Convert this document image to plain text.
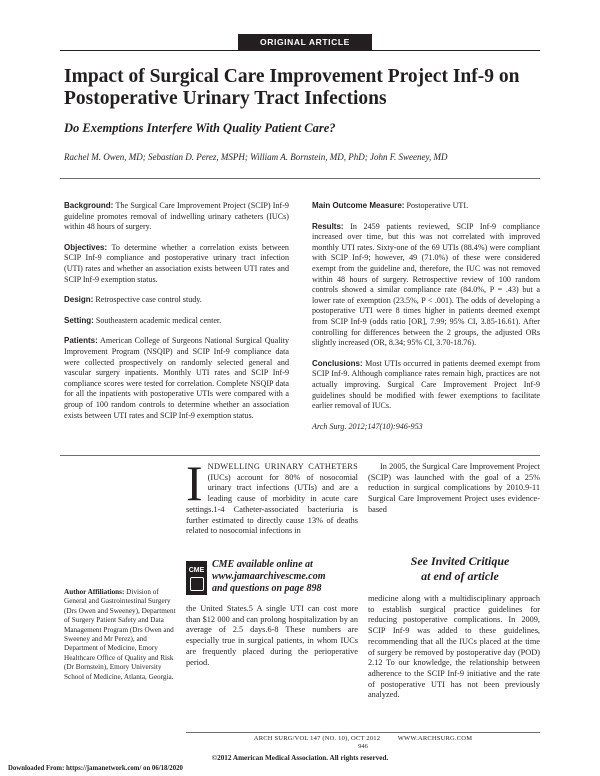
ORIGINAL ARTICLE
Impact of Surgical Care Improvement Project Inf-9 on Postoperative Urinary Tract Infections
Do Exemptions Interfere With Quality Patient Care?
Rachel M. Owen, MD; Sebastian D. Perez, MSPH; William A. Bornstein, MD, PhD; John F. Sweeney, MD

Background: The Surgical Care Improvement Project (SCIP) Inf-9 guideline promotes removal of indwelling urinary catheters (IUCs) within 48 hours of surgery.

Objectives: To determine whether a correlation exists between SCIP Inf-9 compliance and postoperative urinary tract infection (UTI) rates and whether an association exists between UTI rates and SCIP Inf-9 exemption status.

Design: Retrospective case control study.

Setting: Southeastern academic medical center.

Patients: American College of Surgeons National Surgical Quality Improvement Program (NSQIP) and SCIP Inf-9 compliance data were collected prospectively on randomly selected general and vascular surgery inpatients. Monthly UTI rates and SCIP Inf-9 compliance scores were tested for correlation. Complete NSQIP data for all the inpatients with postoperative UTIs were compared with a group of 100 random controls to determine whether an association exists between UTI rates and SCIP Inf-9 exemption status.

Main Outcome Measure: Postoperative UTI.

Results: In 2459 patients reviewed, SCIP Inf-9 compliance increased over time, but this was not correlated with improved monthly UTI rates. Sixty-one of the 69 UTIs (88.4%) were compliant with SCIP Inf-9; however, 49 (71.0%) of these were considered exempt from the guideline and, therefore, the IUC was not removed within 48 hours of surgery. Retrospective review of 100 random controls showed a similar compliance rate (84.0%, P = .43) but a lower rate of exemption (23.5%, P < .001). The odds of developing a postoperative UTI were 8 times higher in patients deemed exempt from SCIP Inf-9 (odds ratio [OR], 7.99; 95% CI, 3.85-16.61). After controlling for differences between the 2 groups, the adjusted ORs slightly increased (OR, 8.34; 95% CI, 3.70-18.76).

Conclusions: Most UTIs occurred in patients deemed exempt from SCIP Inf-9. Although compliance rates remain high, practices are not actually improving. Surgical Care Improvement Project Inf-9 guidelines should be modified with fewer exemptions to facilitate earlier removal of IUCs.

Arch Surg. 2012;147(10):946-953

INDWELLING URINARY CATHETERS (IUCs) account for 80% of nosocomial urinary tract infections (UTIs) and are a leading cause of morbidity in acute care settings.1-4 Catheter-associated bacteriuria is further estimated to directly cause 13% of deaths related to nosocomial infections in

CME
CME available online at
www.jamaarchivescme.com
and questions on page 898

the United States.5 A single UTI can cost more than $12 000 and can prolong hospitalization by an average of 2.5 days.6-8 These numbers are especially true in surgical patients, in whom IUCs are frequently placed during the perioperative period.

In 2005, the Surgical Care Improvement Project (SCIP) was launched with the goal of a 25% reduction in surgical complications by 2010.9-11 Surgical Care Improvement Project uses evidence-based

See Invited Critique
at end of article

medicine along with a multidisciplinary approach to establish surgical practice guidelines for reducing postoperative complications. In 2009, SCIP Inf-9 was added to these guidelines, recommending that all the IUCs placed at the time of surgery be removed by postoperative day (POD) 2.12 To our knowledge, the relationship between adherence to the SCIP Inf-9 initiative and the rate of postoperative UTI has not been previously analyzed.

Author Affiliations: Division of General and Gastrointestinal Surgery (Drs Owen and Sweeney), Department of Surgery Patient Safety and Data Management Program (Drs Owen and Sweeney and Mr Perez), and Department of Medicine, Emory Healthcare Office of Quality and Risk (Dr Bornstein), Emory University School of Medicine, Atlanta, Georgia.
ARCH SURG/VOL 147 (NO. 10), OCT 2012	WWW.ARCHSURG.COM
946
©2012 American Medical Association. All rights reserved.
Downloaded From: https://jamanetwork.com/ on 06/18/2020
